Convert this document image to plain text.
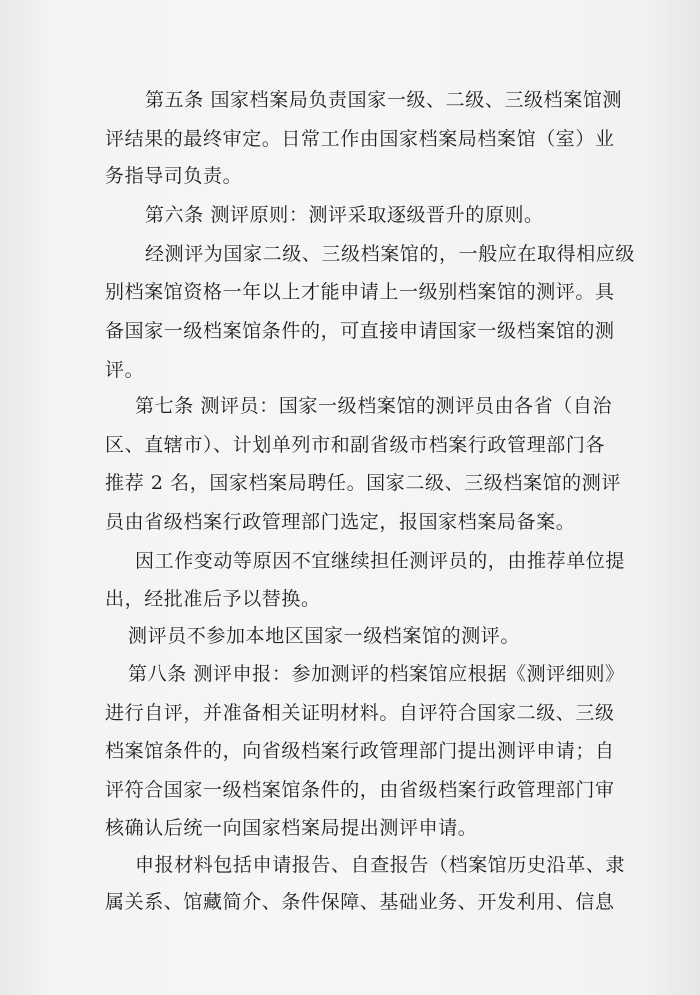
第五条 国家档案局负责国家一级、二级、三级档案馆测
评结果的最终审定。日常工作由国家档案局档案馆（室）业
务指导司负责。
第六条 测评原则：测评采取逐级晋升的原则。
经测评为国家二级、三级档案馆的，一般应在取得相应级
别档案馆资格一年以上才能申请上一级别档案馆的测评。具
备国家一级档案馆条件的，可直接申请国家一级档案馆的测
评。
第七条 测评员：国家一级档案馆的测评员由各省（自治
区、直辖市）、计划单列市和副省级市档案行政管理部门各
推荐 2 名，国家档案局聘任。国家二级、三级档案馆的测评
员由省级档案行政管理部门选定，报国家档案局备案。
因工作变动等原因不宜继续担任测评员的，由推荐单位提
出，经批准后予以替换。
测评员不参加本地区国家一级档案馆的测评。
第八条 测评申报：参加测评的档案馆应根据《测评细则》
进行自评，并准备相关证明材料。自评符合国家二级、三级
档案馆条件的，向省级档案行政管理部门提出测评申请；自
评符合国家一级档案馆条件的，由省级档案行政管理部门审
核确认后统一向国家档案局提出测评申请。
申报材料包括申请报告、自查报告（档案馆历史沿革、隶
属关系、馆藏简介、条件保障、基础业务、开发利用、信息
